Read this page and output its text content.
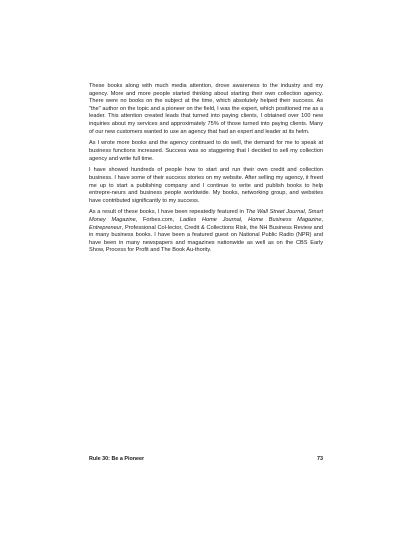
These books along with much media attention, drove awareness to the industry and my agency. More and more people started thinking about starting their own collection agency. There were no books on the subject at the time, which absolutely helped their success. As "the" author on the topic and a pioneer on the field, I was the expert, which positioned me as a leader. This attention created leads that turned into paying clients, I obtained over 100 new inquiries about my services and approximately 75% of those turned into paying clients. Many of our new customers wanted to use an agency that had an expert and leader at its helm.

As I wrote more books and the agency continued to do well, the demand for me to speak at business functions increased. Success was so staggering that I decided to sell my collection agency and write full time.

I have showed hundreds of people how to start and run their own credit and collection business. I have some of their success stories on my website. After selling my agency, it freed me up to start a publishing company and I continue to write and publish books to help entrepre-neurs and business people worldwide. My books, networking group, and websites have contributed significantly to my success.

As a result of these books, I have been repeatedly featured in The Wall Street Journal, Smart Money Magazine, Forbes.com, Ladies Home Journal, Home Business Magazine, Entrepreneur, Professional Col-lector, Credit & Collections Risk, the NH Business Review and in many business books. I have been a featured guest on National Public Radio (NPR) and have been in many newspapers and magazines nationwide as well as on the CBS Early Show, Process for Profit and The Book Au-thority.

Rule 30: Be a Pioneer	73
